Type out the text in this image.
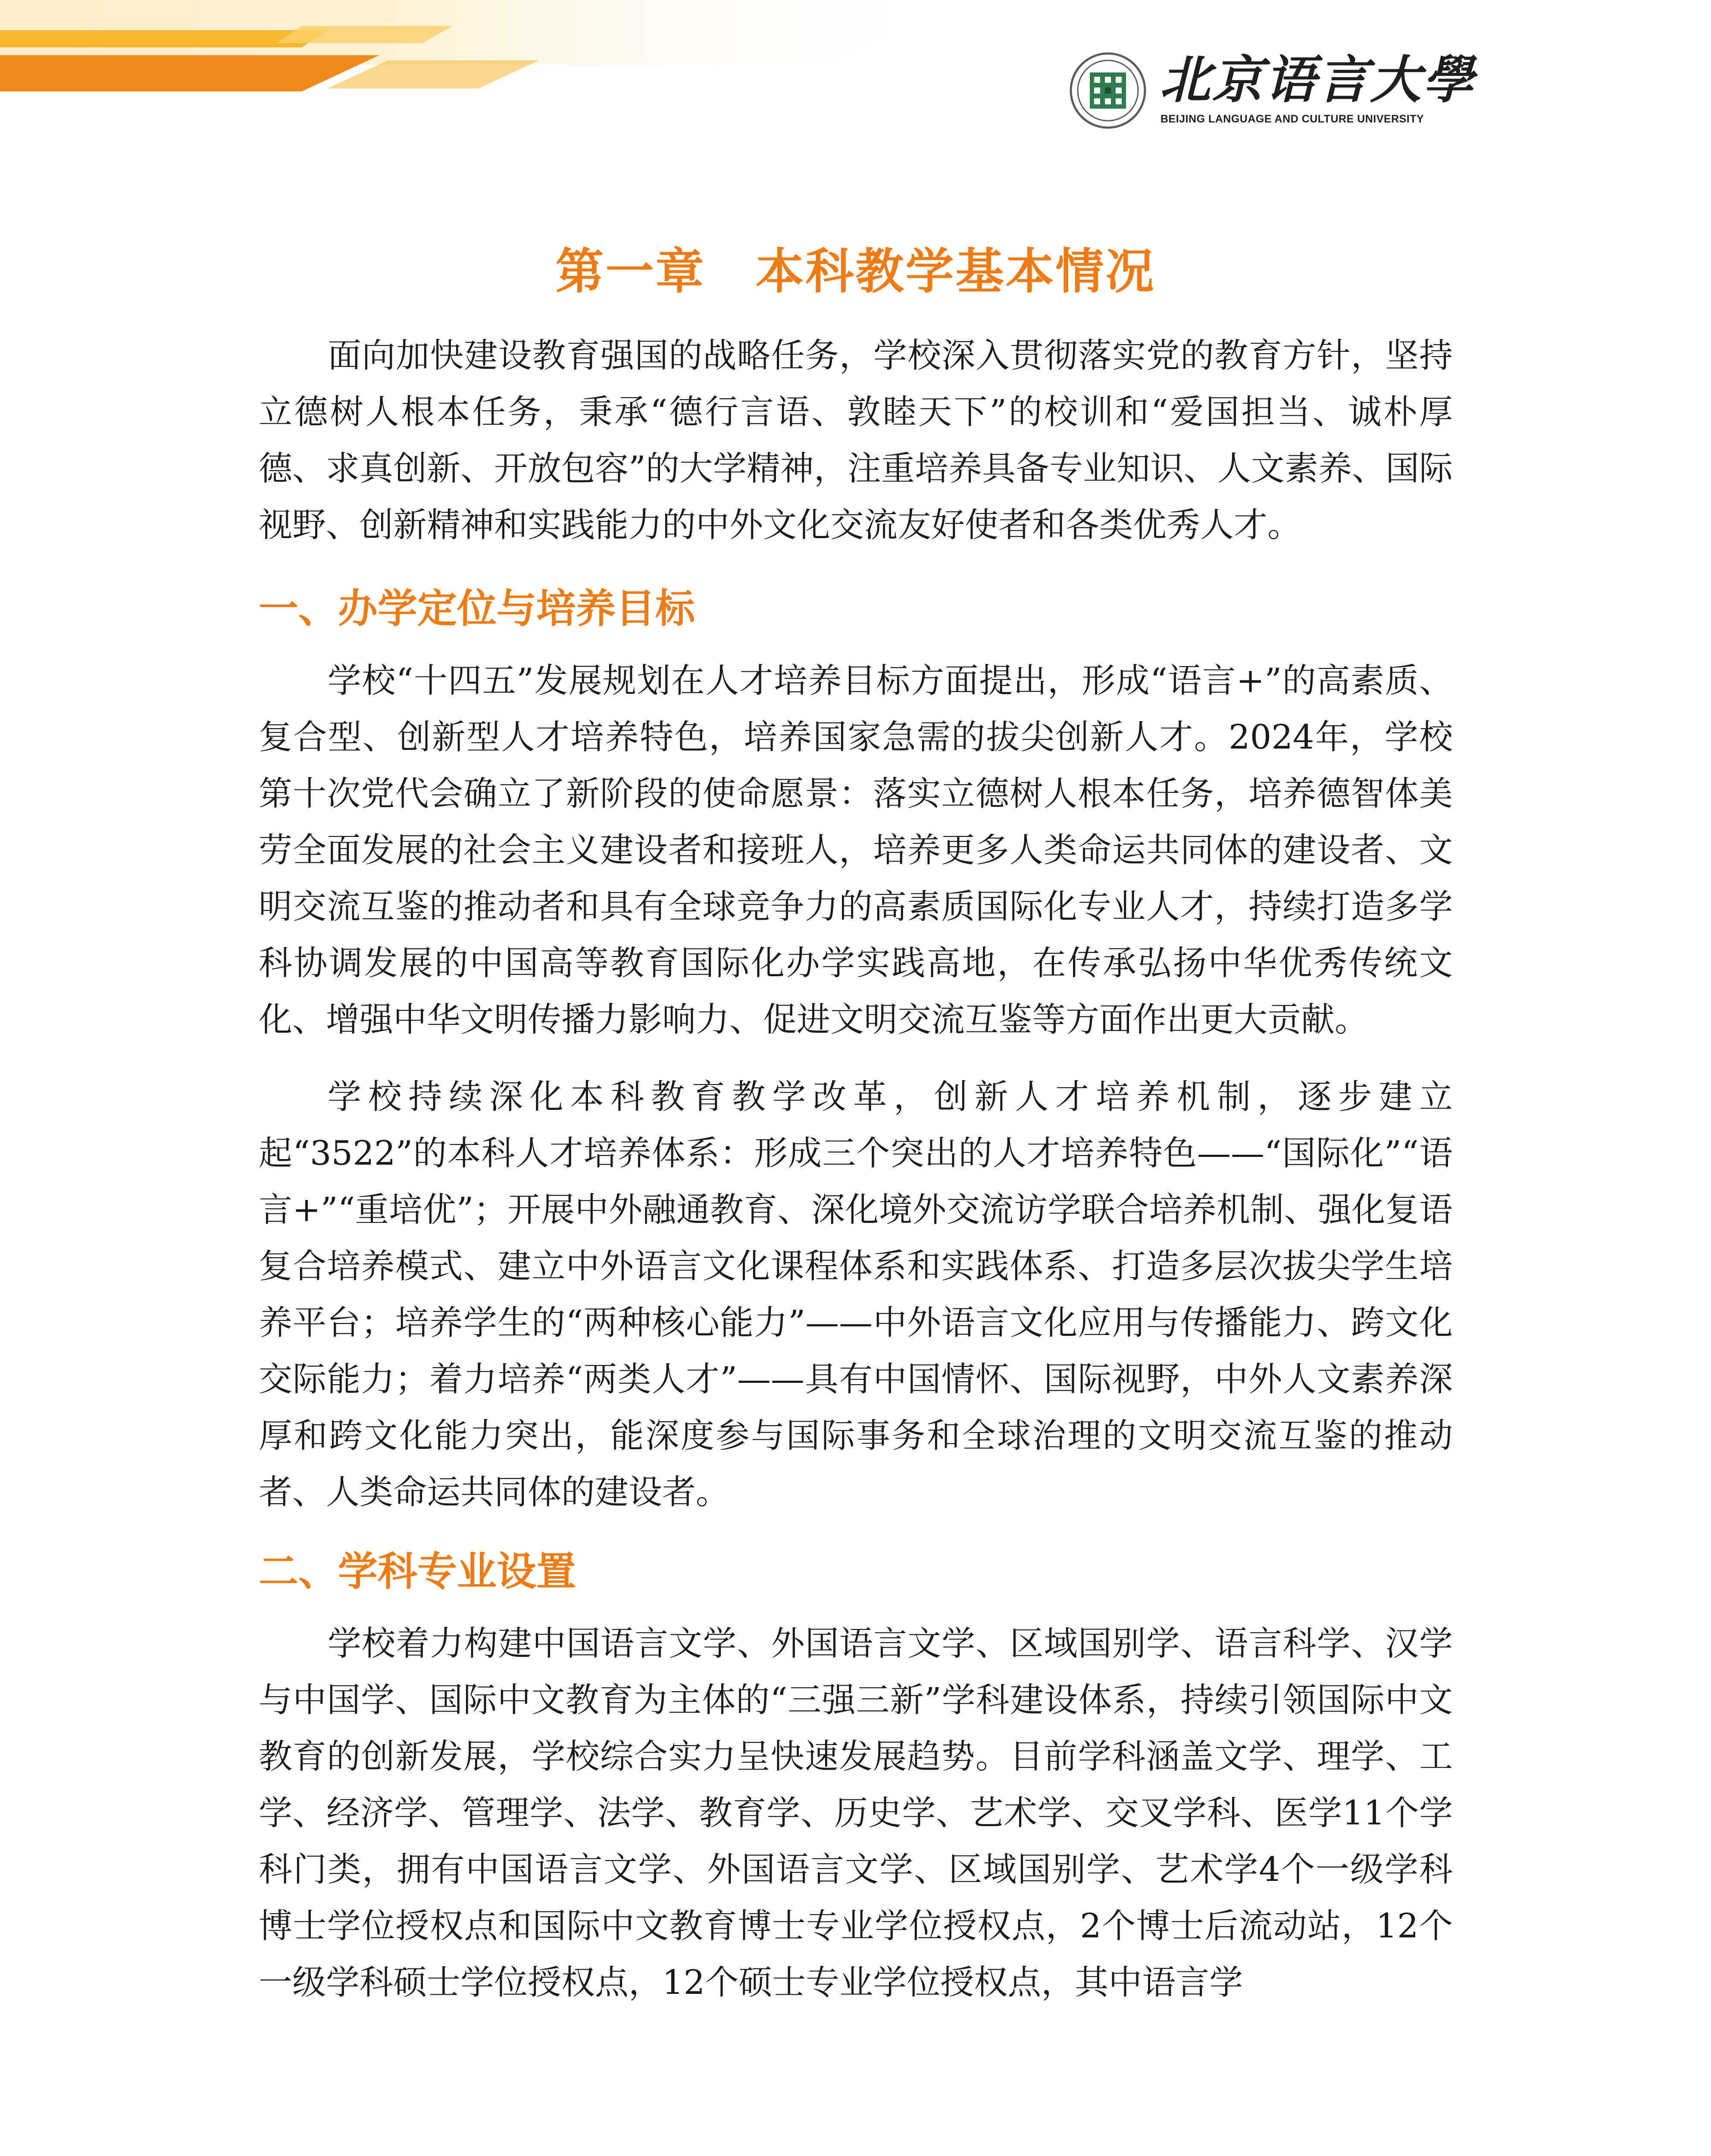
北京语言大學
BEIJING LANGUAGE AND CULTURE UNIVERSITY
第一章　本科教学基本情况

面向加快建设教育强国的战略任务，学校深入贯彻落实党的教育方针，坚持立德树人根本任务，秉承“德行言语、敦睦天下”的校训和“爱国担当、诚朴厚德、求真创新、开放包容”的大学精神，注重培养具备专业知识、人文素养、国际视野、创新精神和实践能力的中外文化交流友好使者和各类优秀人才。

一、办学定位与培养目标

学校“十四五”发展规划在人才培养目标方面提出，形成“语言+”的高素质、复合型、创新型人才培养特色，培养国家急需的拔尖创新人才。2024年，学校第十次党代会确立了新阶段的使命愿景：落实立德树人根本任务，培养德智体美劳全面发展的社会主义建设者和接班人，培养更多人类命运共同体的建设者、文明交流互鉴的推动者和具有全球竞争力的高素质国际化专业人才，持续打造多学科协调发展的中国高等教育国际化办学实践高地，在传承弘扬中华优秀传统文化、增强中华文明传播力影响力、促进文明交流互鉴等方面作出更大贡献。

学校持续深化本科教育教学改革，创新人才培养机制，逐步建立起“3522”的本科人才培养体系：形成三个突出的人才培养特色——“国际化”“语言+”“重培优”；开展中外融通教育、深化境外交流访学联合培养机制、强化复语复合培养模式、建立中外语言文化课程体系和实践体系、打造多层次拔尖学生培养平台；培养学生的“两种核心能力”——中外语言文化应用与传播能力、跨文化交际能力；着力培养“两类人才”——具有中国情怀、国际视野，中外人文素养深厚和跨文化能力突出，能深度参与国际事务和全球治理的文明交流互鉴的推动者、人类命运共同体的建设者。

二、学科专业设置

学校着力构建中国语言文学、外国语言文学、区域国别学、语言科学、汉学与中国学、国际中文教育为主体的“三强三新”学科建设体系，持续引领国际中文教育的创新发展，学校综合实力呈快速发展趋势。目前学科涵盖文学、理学、工学、经济学、管理学、法学、教育学、历史学、艺术学、交叉学科、医学11个学科门类，拥有中国语言文学、外国语言文学、区域国别学、艺术学4个一级学科博士学位授权点和国际中文教育博士专业学位授权点，2个博士后流动站，12个一级学科硕士学位授权点，12个硕士专业学位授权点，其中语言学
